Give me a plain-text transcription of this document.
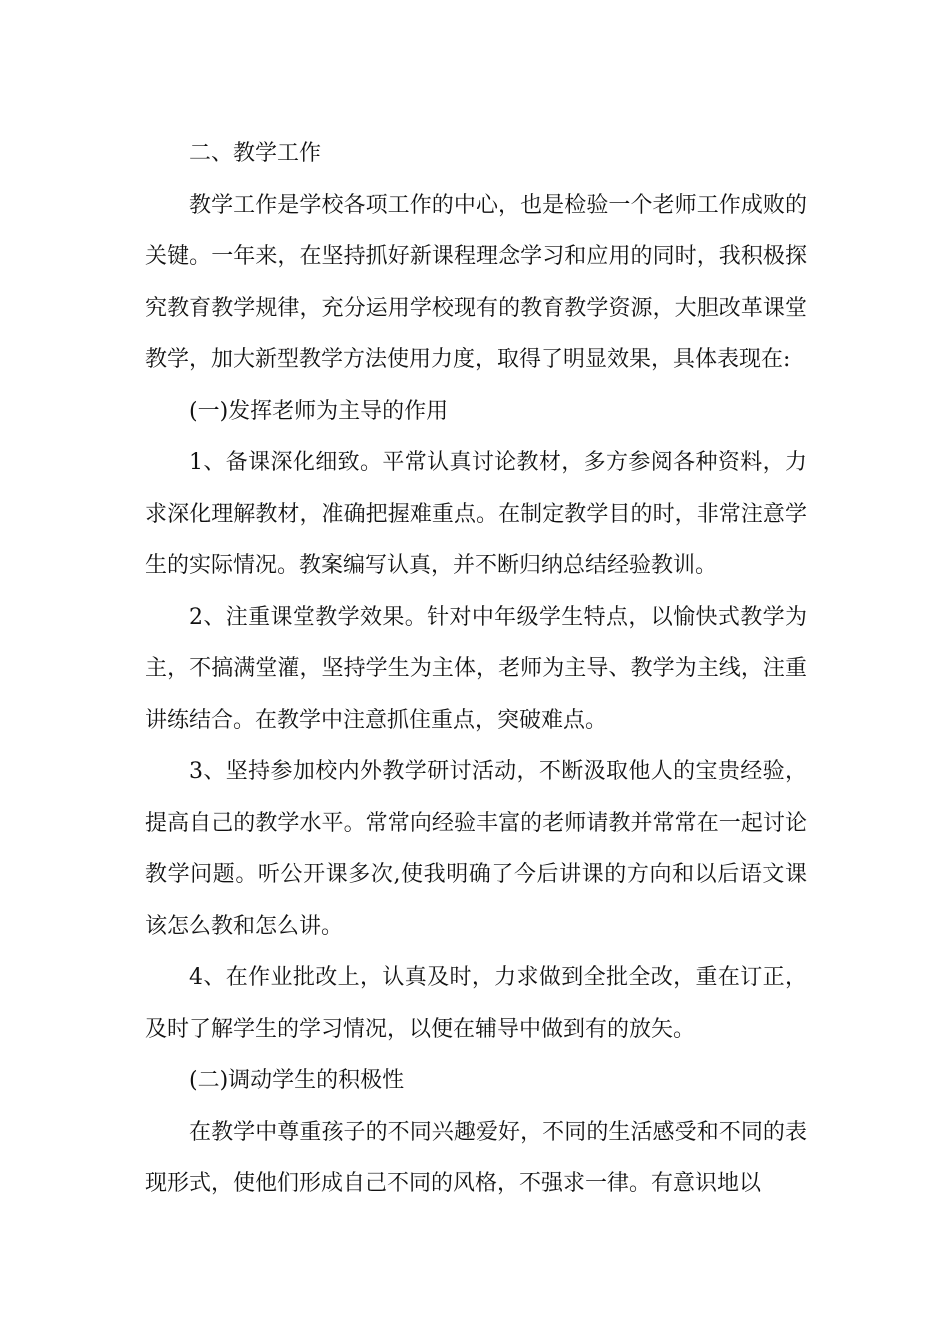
二、教学工作

教学工作是学校各项工作的中心，也是检验一个老师工作成败的关键。一年来，在坚持抓好新课程理念学习和应用的同时，我积极探究教育教学规律，充分运用学校现有的教育教学资源，大胆改革课堂教学，加大新型教学方法使用力度，取得了明显效果，具体表现在:

(一)发挥老师为主导的作用

1、备课深化细致。平常认真讨论教材，多方参阅各种资料，力求深化理解教材，准确把握难重点。在制定教学目的时，非常注意学生的实际情况。教案编写认真，并不断归纳总结经验教训。

2、注重课堂教学效果。针对中年级学生特点，以愉快式教学为主，不搞满堂灌，坚持学生为主体，老师为主导、教学为主线，注重讲练结合。在教学中注意抓住重点，突破难点。

3、坚持参加校内外教学研讨活动，不断汲取他人的宝贵经验，提高自己的教学水平。常常向经验丰富的老师请教并常常在一起讨论教学问题。听公开课多次,使我明确了今后讲课的方向和以后语文课该怎么教和怎么讲。

4、在作业批改上，认真及时，力求做到全批全改，重在订正，及时了解学生的学习情况，以便在辅导中做到有的放矢。

(二)调动学生的积极性

在教学中尊重孩子的不同兴趣爱好，不同的生活感受和不同的表现形式，使他们形成自己不同的风格，不强求一律。有意识地以
